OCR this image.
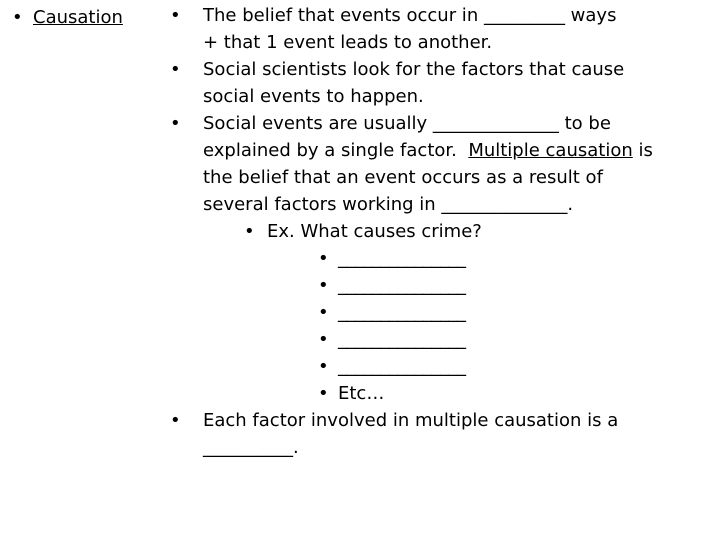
• Causation	• The belief that events occur in _________ ways
+ that 1 event leads to another.
• Social scientists look for the factors that cause
social events to happen.
• Social events are usually ______________ to be
explained by a single factor.  Multiple causation is
the belief that an event occurs as a result of
several factors working in ______________.
• Ex. What causes crime?
• _______________
• _______________
• _______________
• _______________
• _______________
• Etc…
• Each factor involved in multiple causation is a
__________.
